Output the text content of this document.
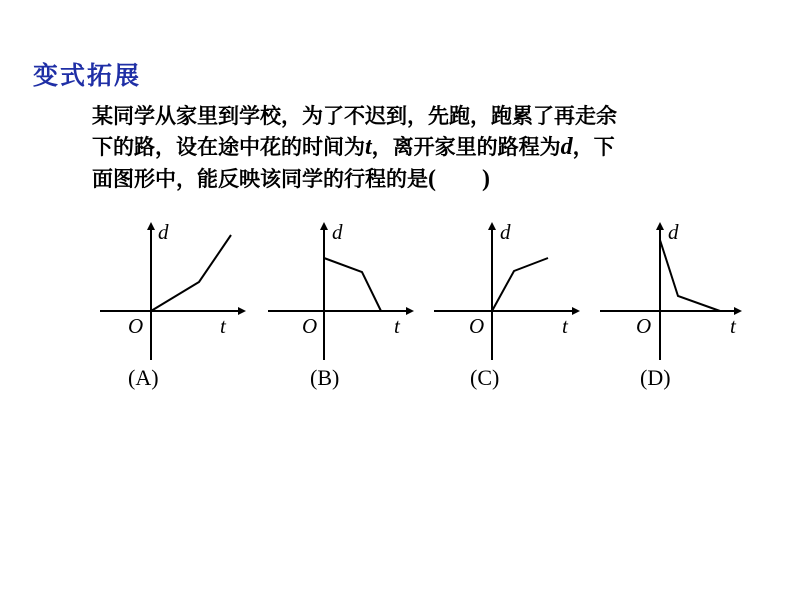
变式拓展
某同学从家里到学校，为了不迟到，先跑，跑累了再走余
下的路，设在途中花的时间为t，离开家里的路程为d，下
面图形中，能反映该同学的行程的是( )
d
O	t
(A)
d
O	t
(B)
d
O	t
(C)
d
O	t
(D)
